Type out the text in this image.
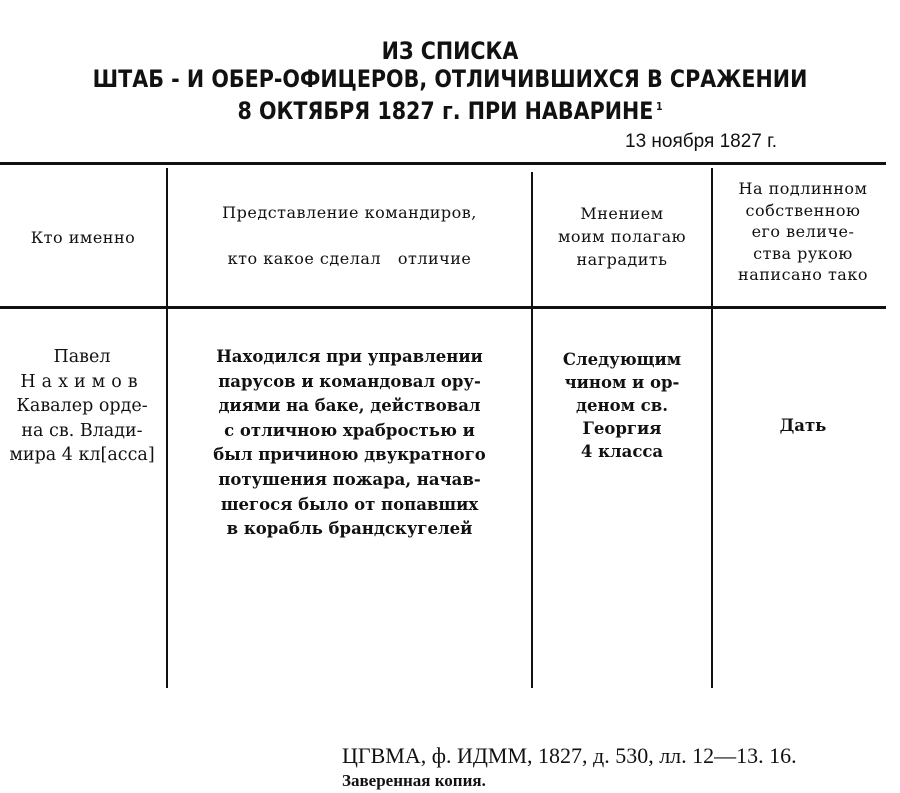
ИЗ СПИСКА
ШТАБ - И ОБЕР-ОФИЦЕРОВ, ОТЛИЧИВШИХСЯ В СРАЖЕНИИ
8 ОКТЯБРЯ 1827 г. ПРИ НАВАРИНЕ $^1$
13 ноября 1827 г.
Кто именно
Представление командиров,
кто какое сделал   отличие
Мнением
моим полагаю
наградить
На подлинном
собственною
его величе-
ства рукою
написано тако
Павел
Нахимов
Кавалер орде-
на св. Влади-
мира 4 кл[асса]
Находился при управлении
парусов и командовал ору-
диями на баке, действовал
с отличною храбростью и
был причиною двукратного
потушения пожара, начав-
шегося было от попавших
в корабль брандскугелей
Следующим
чином и ор-
деном св.
Георгия
4 класса
Дать
ЦГВМА, ф. ИДММ, 1827, д. 530, лл. 12—13. 16.
Заверенная копия.
